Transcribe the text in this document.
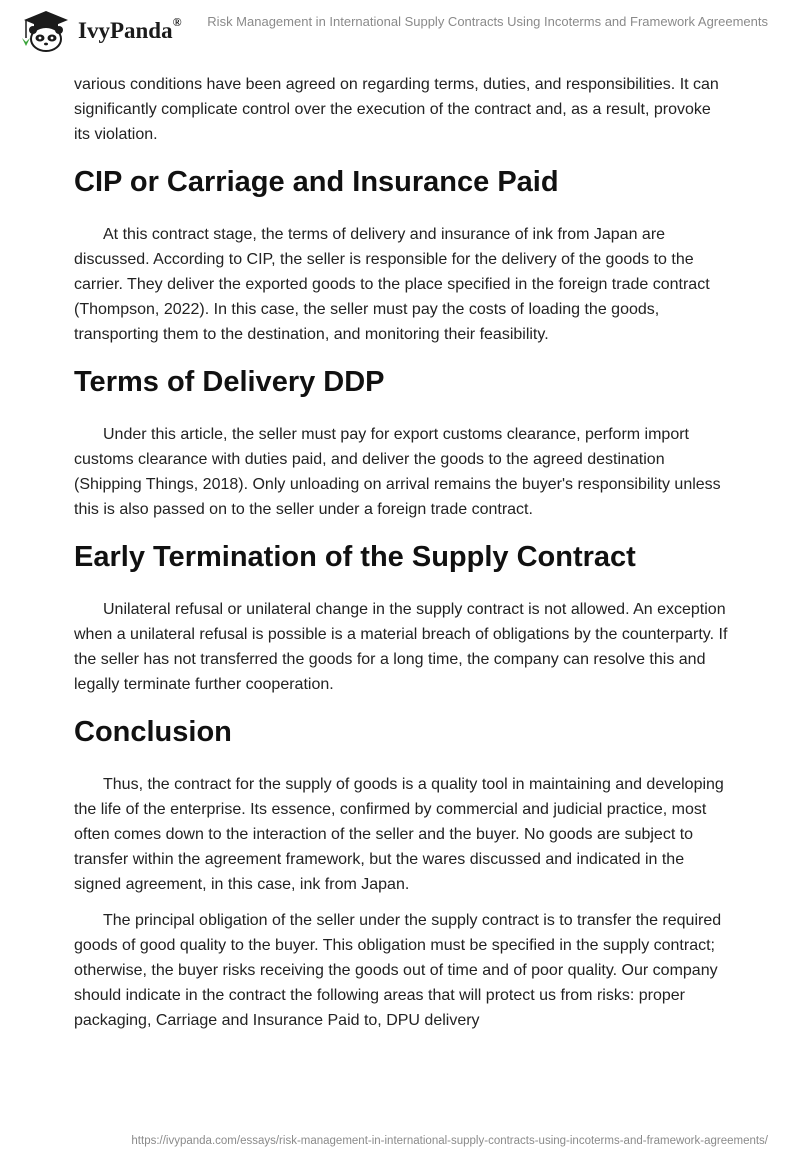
IvyPanda® Risk Management in International Supply Contracts Using Incoterms and Framework Agreements

various conditions have been agreed on regarding terms, duties, and responsibilities. It can significantly complicate control over the execution of the contract and, as a result, provoke its violation.

CIP or Carriage and Insurance Paid

At this contract stage, the terms of delivery and insurance of ink from Japan are discussed. According to CIP, the seller is responsible for the delivery of the goods to the carrier. They deliver the exported goods to the place specified in the foreign trade contract (Thompson, 2022). In this case, the seller must pay the costs of loading the goods, transporting them to the destination, and monitoring their feasibility.

Terms of Delivery DDP

Under this article, the seller must pay for export customs clearance, perform import customs clearance with duties paid, and deliver the goods to the agreed destination (Shipping Things, 2018). Only unloading on arrival remains the buyer's responsibility unless this is also passed on to the seller under a foreign trade contract.

Early Termination of the Supply Contract

Unilateral refusal or unilateral change in the supply contract is not allowed. An exception when a unilateral refusal is possible is a material breach of obligations by the counterparty. If the seller has not transferred the goods for a long time, the company can resolve this and legally terminate further cooperation.

Conclusion

Thus, the contract for the supply of goods is a quality tool in maintaining and developing the life of the enterprise. Its essence, confirmed by commercial and judicial practice, most often comes down to the interaction of the seller and the buyer. No goods are subject to transfer within the agreement framework, but the wares discussed and indicated in the signed agreement, in this case, ink from Japan.

The principal obligation of the seller under the supply contract is to transfer the required goods of good quality to the buyer. This obligation must be specified in the supply contract; otherwise, the buyer risks receiving the goods out of time and of poor quality. Our company should indicate in the contract the following areas that will protect us from risks: proper packaging, Carriage and Insurance Paid to, DPU delivery

https://ivypanda.com/essays/risk-management-in-international-supply-contracts-using-incoterms-and-framework-agreements/
